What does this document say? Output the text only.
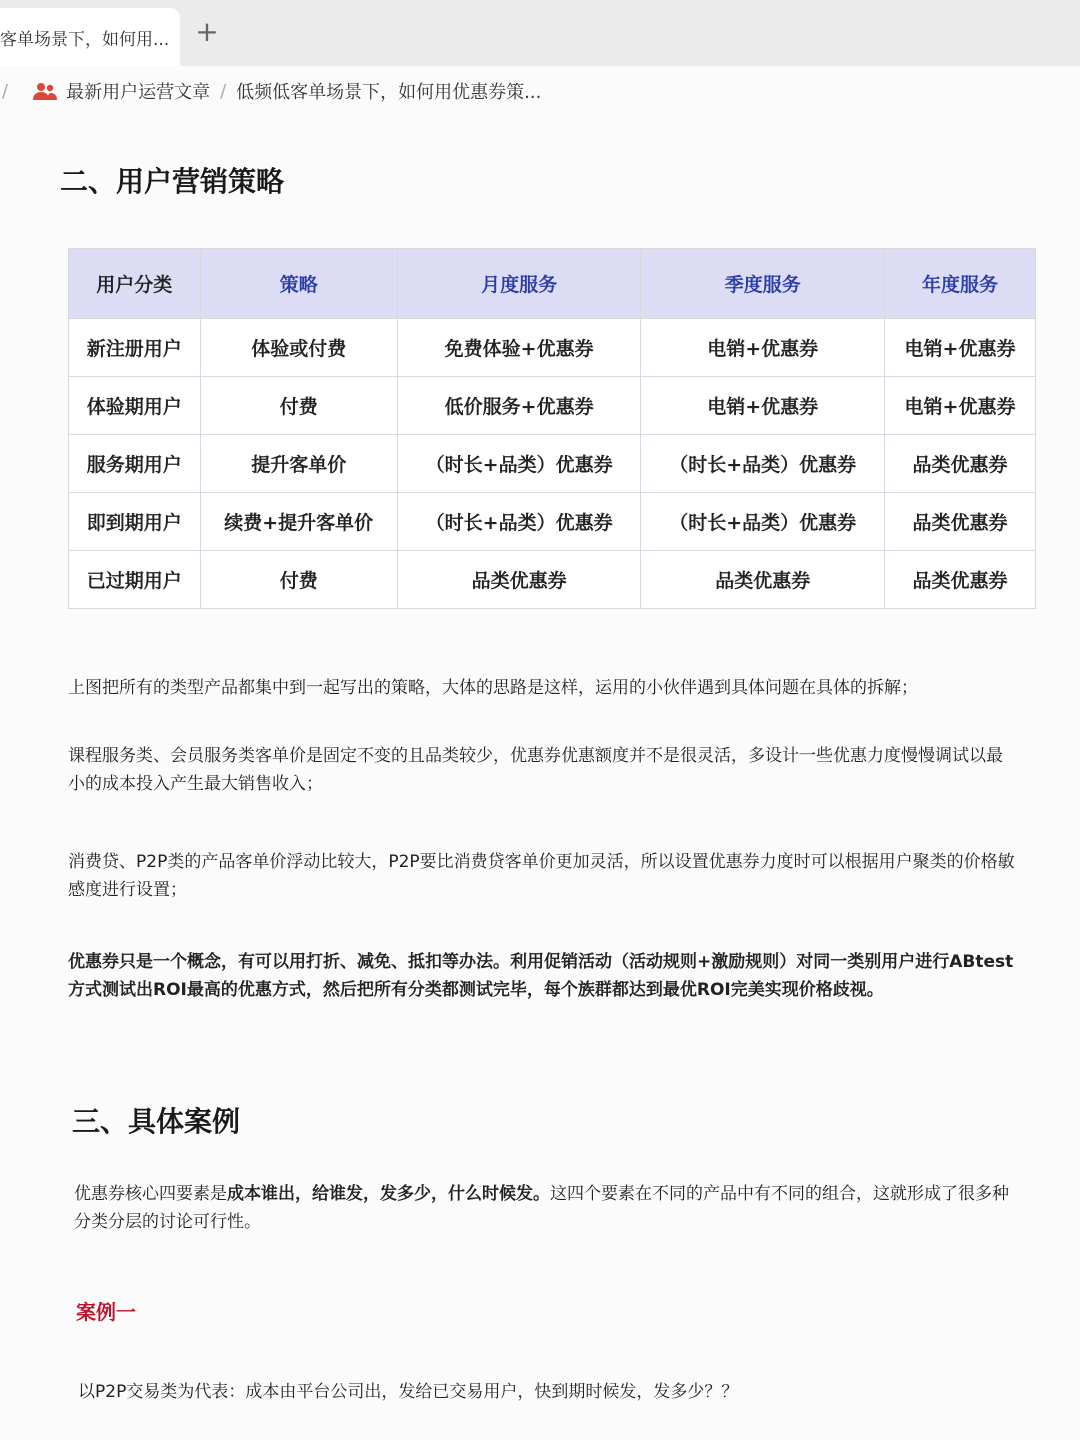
客单场景下，如何用... +
/	最新用户运营文章 / 低频低客单场景下，如何用优惠券策...
二、用户营销策略
用户分类	策略	月度服务	季度服务	年度服务
新注册用户	体验或付费	免费体验+优惠券	电销+优惠券	电销+优惠券
体验期用户	付费	低价服务+优惠券	电销+优惠券	电销+优惠券
服务期用户	提升客单价	（时长+品类）优惠券	（时长+品类）优惠券	品类优惠券
即到期用户	续费+提升客单价	（时长+品类）优惠券	（时长+品类）优惠券	品类优惠券
已过期用户	付费	品类优惠券	品类优惠券	品类优惠券

上图把所有的类型产品都集中到一起写出的策略，大体的思路是这样，运用的小伙伴遇到具体问题在具体的拆解；

课程服务类、会员服务类客单价是固定不变的且品类较少，优惠券优惠额度并不是很灵活，多设计一些优惠力度慢慢调试以最小的成本投入产生最大销售收入；

消费贷、P2P类的产品客单价浮动比较大，P2P要比消费贷客单价更加灵活，所以设置优惠券力度时可以根据用户聚类的价格敏感度进行设置；

优惠券只是一个概念，有可以用打折、减免、抵扣等办法。利用促销活动（活动规则+激励规则）对同一类别用户进行ABtest方式测试出ROI最高的优惠方式，然后把所有分类都测试完毕，每个族群都达到最优ROI完美实现价格歧视。

三、具体案例

优惠券核心四要素是成本谁出，给谁发，发多少，什么时候发。这四个要素在不同的产品中有不同的组合，这就形成了很多种分类分层的讨论可行性。

案例一

以P2P交易类为代表：成本由平台公司出，发给已交易用户，快到期时候发，发多少？？
